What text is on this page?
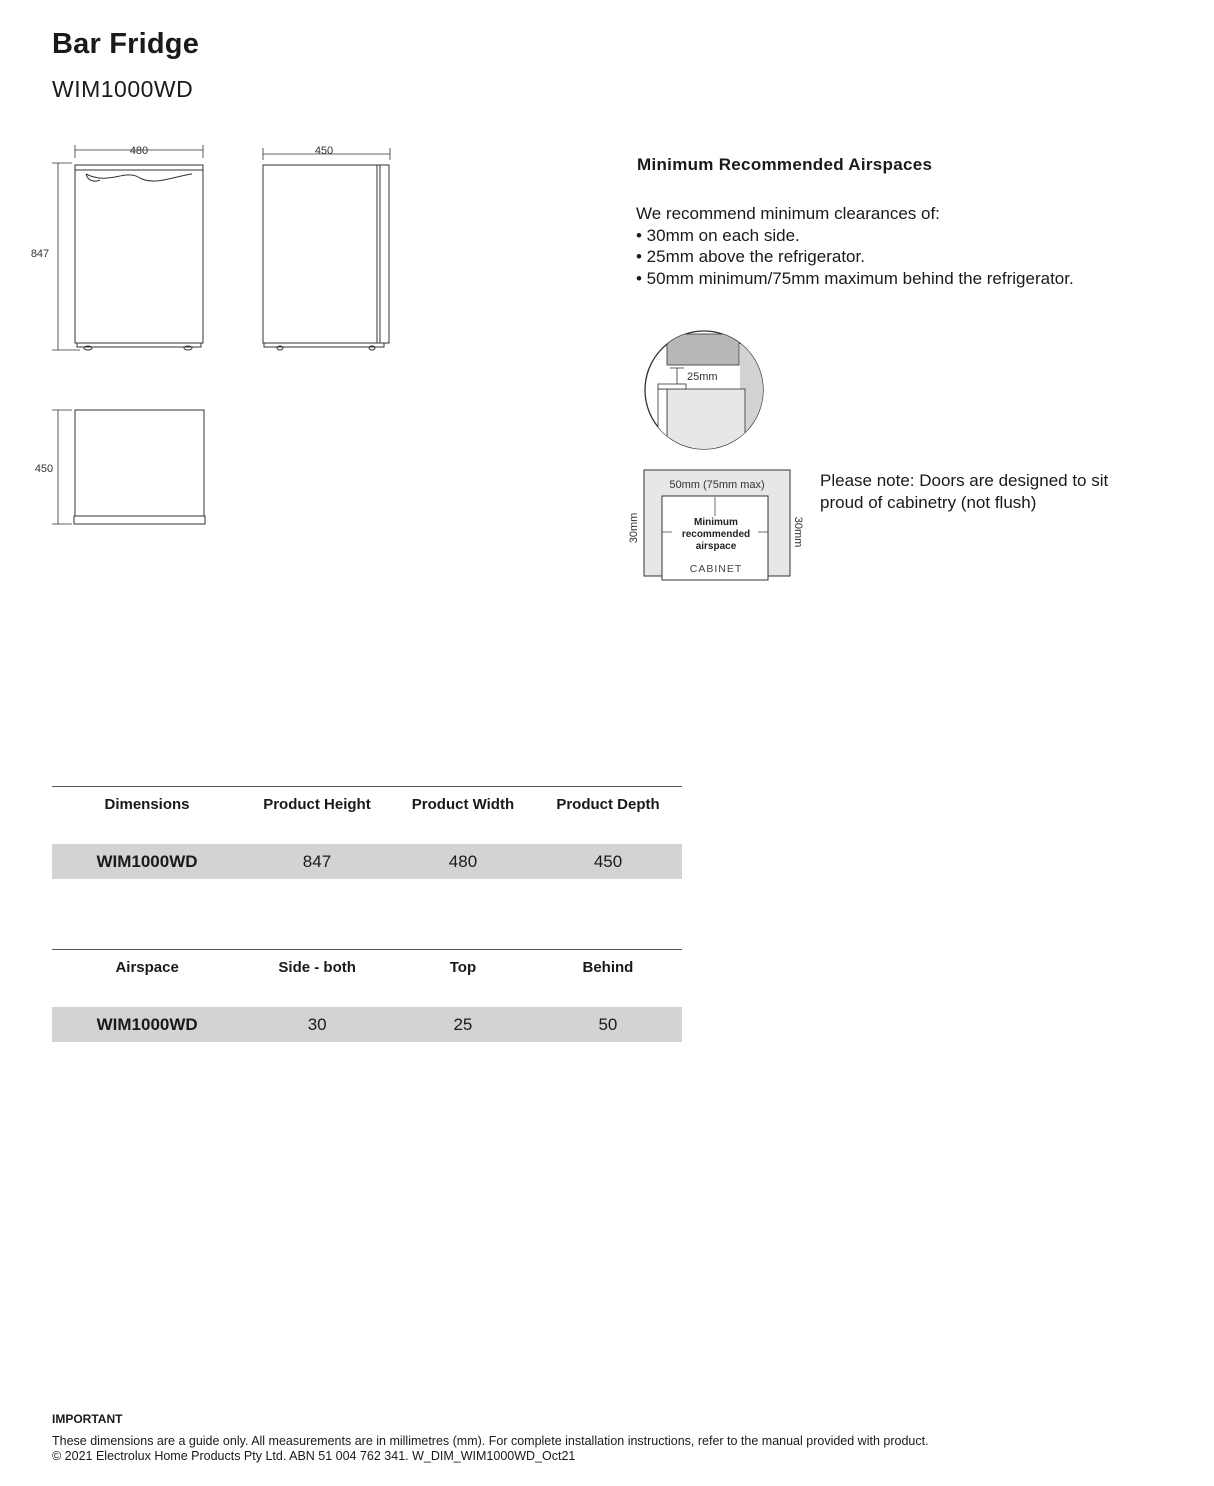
Bar Fridge
WIM1000WD
480	450
847
450
Minimum Recommended Airspaces
We recommend minimum clearances of:
• 30mm on each side.
• 25mm above the refrigerator.
• 50mm minimum/75mm maximum behind the refrigerator.
25mm
50mm (75mm max)
Minimum
recommended
airspace
CABINET
30mm	30mm
Please note: Doors are designed to sit proud of cabinetry (not flush)
Dimensions	Product Height	Product Width	Product Depth

WIM1000WD	847	480	450
Airspace	Side - both	Top	Behind

WIM1000WD	30	25	50
IMPORTANT
These dimensions are a guide only. All measurements are in millimetres (mm). For complete installation instructions, refer to the manual provided with product.
© 2021 Electrolux Home Products Pty Ltd. ABN 51 004 762 341. W_DIM_WIM1000WD_Oct21
